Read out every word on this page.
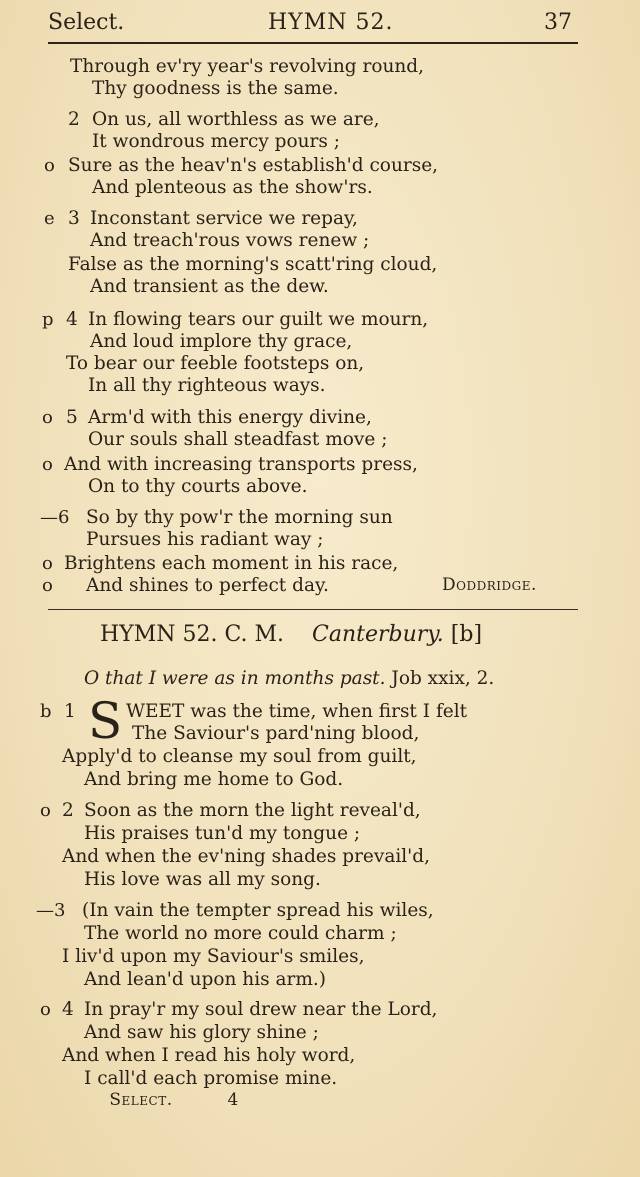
Select.	HYMN 52.	37
Through ev'ry year's revolving round,
Thy goodness is the same.
2 On us, all worthless as we are,
It wondrous mercy pours ;
o Sure as the heav'n's establish'd course,
And plenteous as the show'rs.
e 3 Inconstant service we repay,
And treach'rous vows renew ;
False as the morning's scatt'ring cloud,
And transient as the dew.
p 4 In flowing tears our guilt we mourn,
And loud implore thy grace,
To bear our feeble footsteps on,
In all thy righteous ways.
o 5 Arm'd with this energy divine,
Our souls shall steadfast move ;
o And with increasing transports press,
On to thy courts above.
—6 So by thy pow'r the morning sun
Pursues his radiant way ;
o Brightens each moment in his race,
o And shines to perfect day.	Doddridge.
HYMN 52. C. M. Canterbury. [b]
O that I were as in months past. Job xxix, 2.
b 1 S WEET was the time, when first I felt
The Saviour's pard'ning blood,
Apply'd to cleanse my soul from guilt,
And bring me home to God.
o 2 Soon as the morn the light reveal'd,
His praises tun'd my tongue ;
And when the ev'ning shades prevail'd,
His love was all my song.
—3 (In vain the tempter spread his wiles,
The world no more could charm ;
I liv'd upon my Saviour's smiles,
And lean'd upon his arm.)
o 4 In pray'r my soul drew near the Lord,
And saw his glory shine ;
And when I read his holy word,
I call'd each promise mine.
Select.	4
